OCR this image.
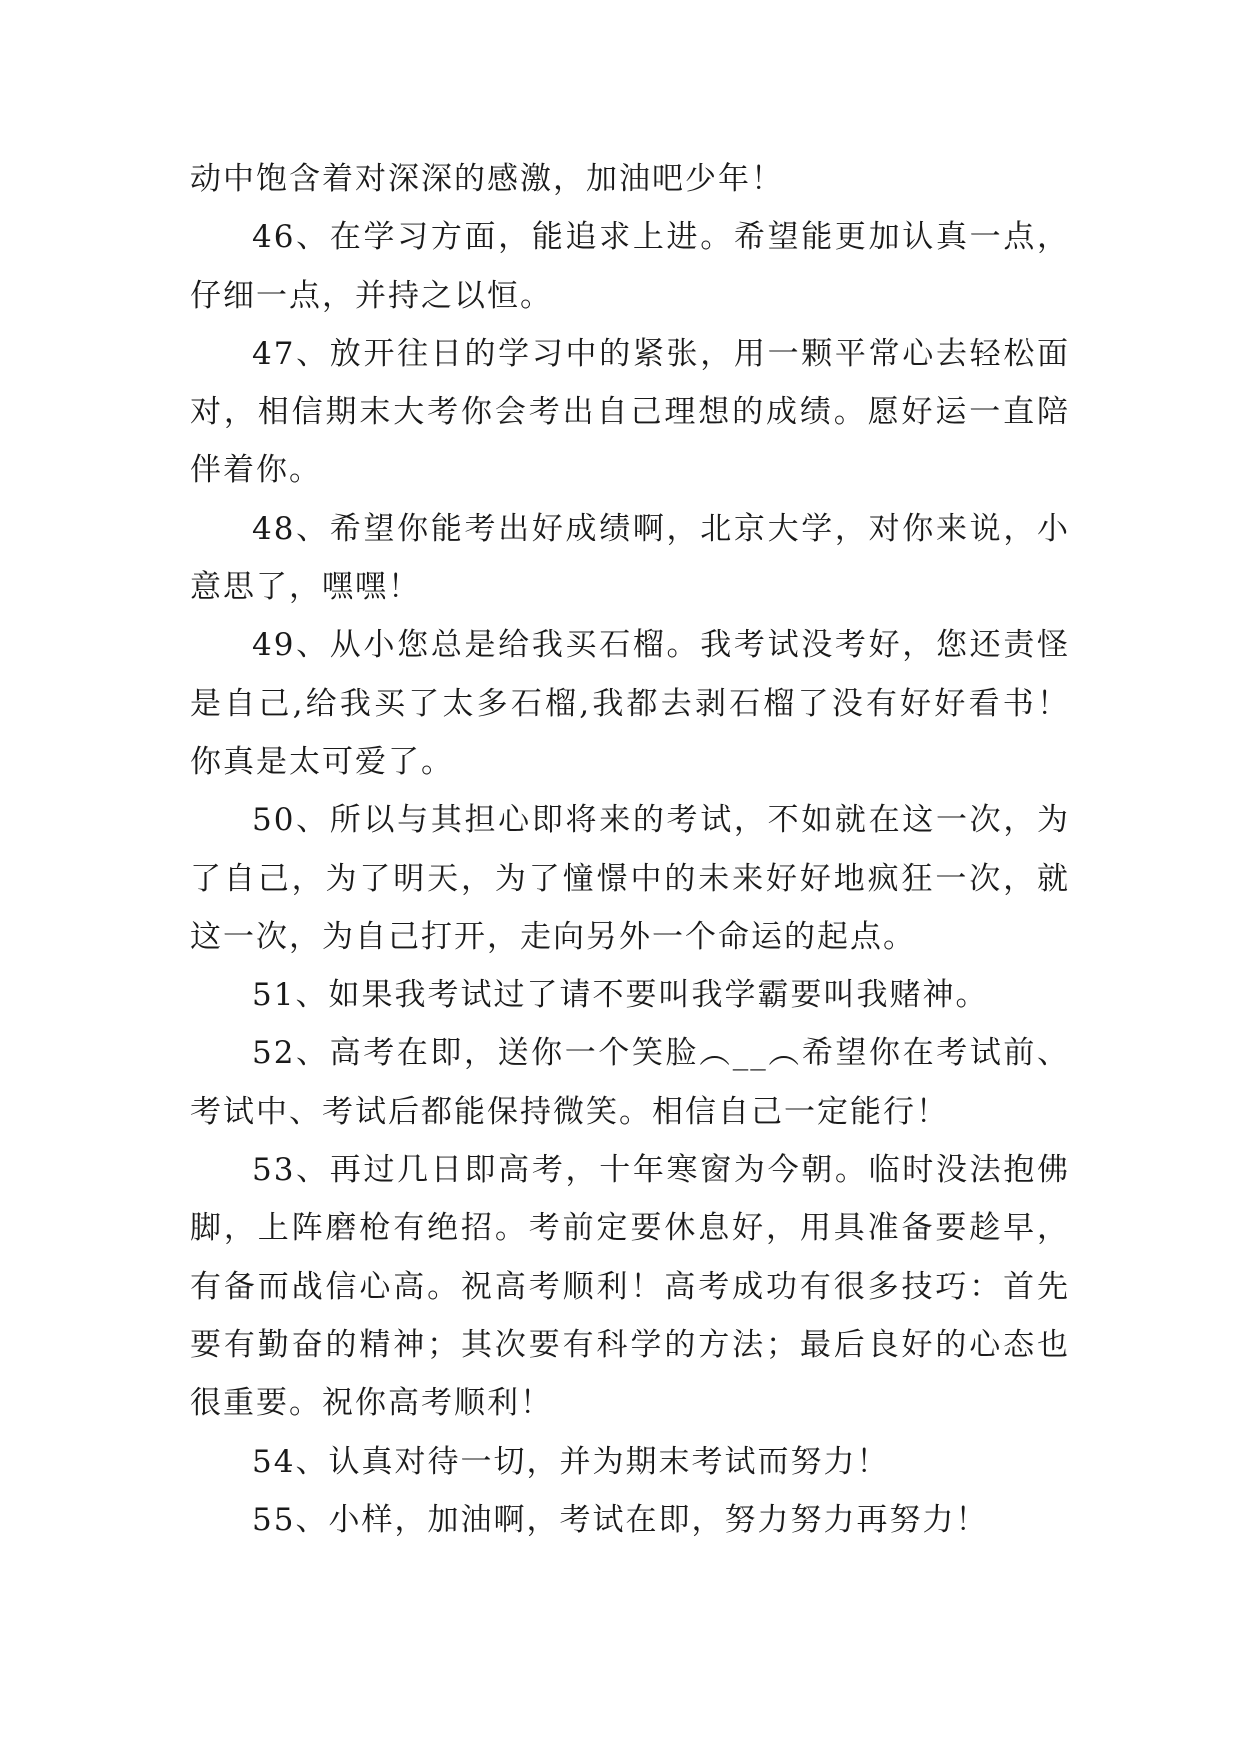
动中饱含着对深深的感激，加油吧少年！

46、在学习方面，能追求上进。希望能更加认真一点，仔细一点，并持之以恒。

47、放开往日的学习中的紧张，用一颗平常心去轻松面对，相信期末大考你会考出自己理想的成绩。愿好运一直陪伴着你。

48、希望你能考出好成绩啊，北京大学，对你来说，小意思了，嘿嘿！

49、从小您总是给我买石榴。我考试没考好，您还责怪是自己,给我买了太多石榴,我都去剥石榴了没有好好看书！你真是太可爱了。

50、所以与其担心即将来的考试，不如就在这一次，为了自己，为了明天，为了憧憬中的未来好好地疯狂一次，就这一次，为自己打开，走向另外一个命运的起点。

51、如果我考试过了请不要叫我学霸要叫我赌神。

52、高考在即，送你一个笑脸︵__︵希望你在考试前、考试中、考试后都能保持微笑。相信自己一定能行！

53、再过几日即高考，十年寒窗为今朝。临时没法抱佛脚，上阵磨枪有绝招。考前定要休息好，用具准备要趁早，有备而战信心高。祝高考顺利！高考成功有很多技巧：首先要有勤奋的精神；其次要有科学的方法；最后良好的心态也很重要。祝你高考顺利！

54、认真对待一切，并为期末考试而努力！

55、小样，加油啊，考试在即，努力努力再努力！
